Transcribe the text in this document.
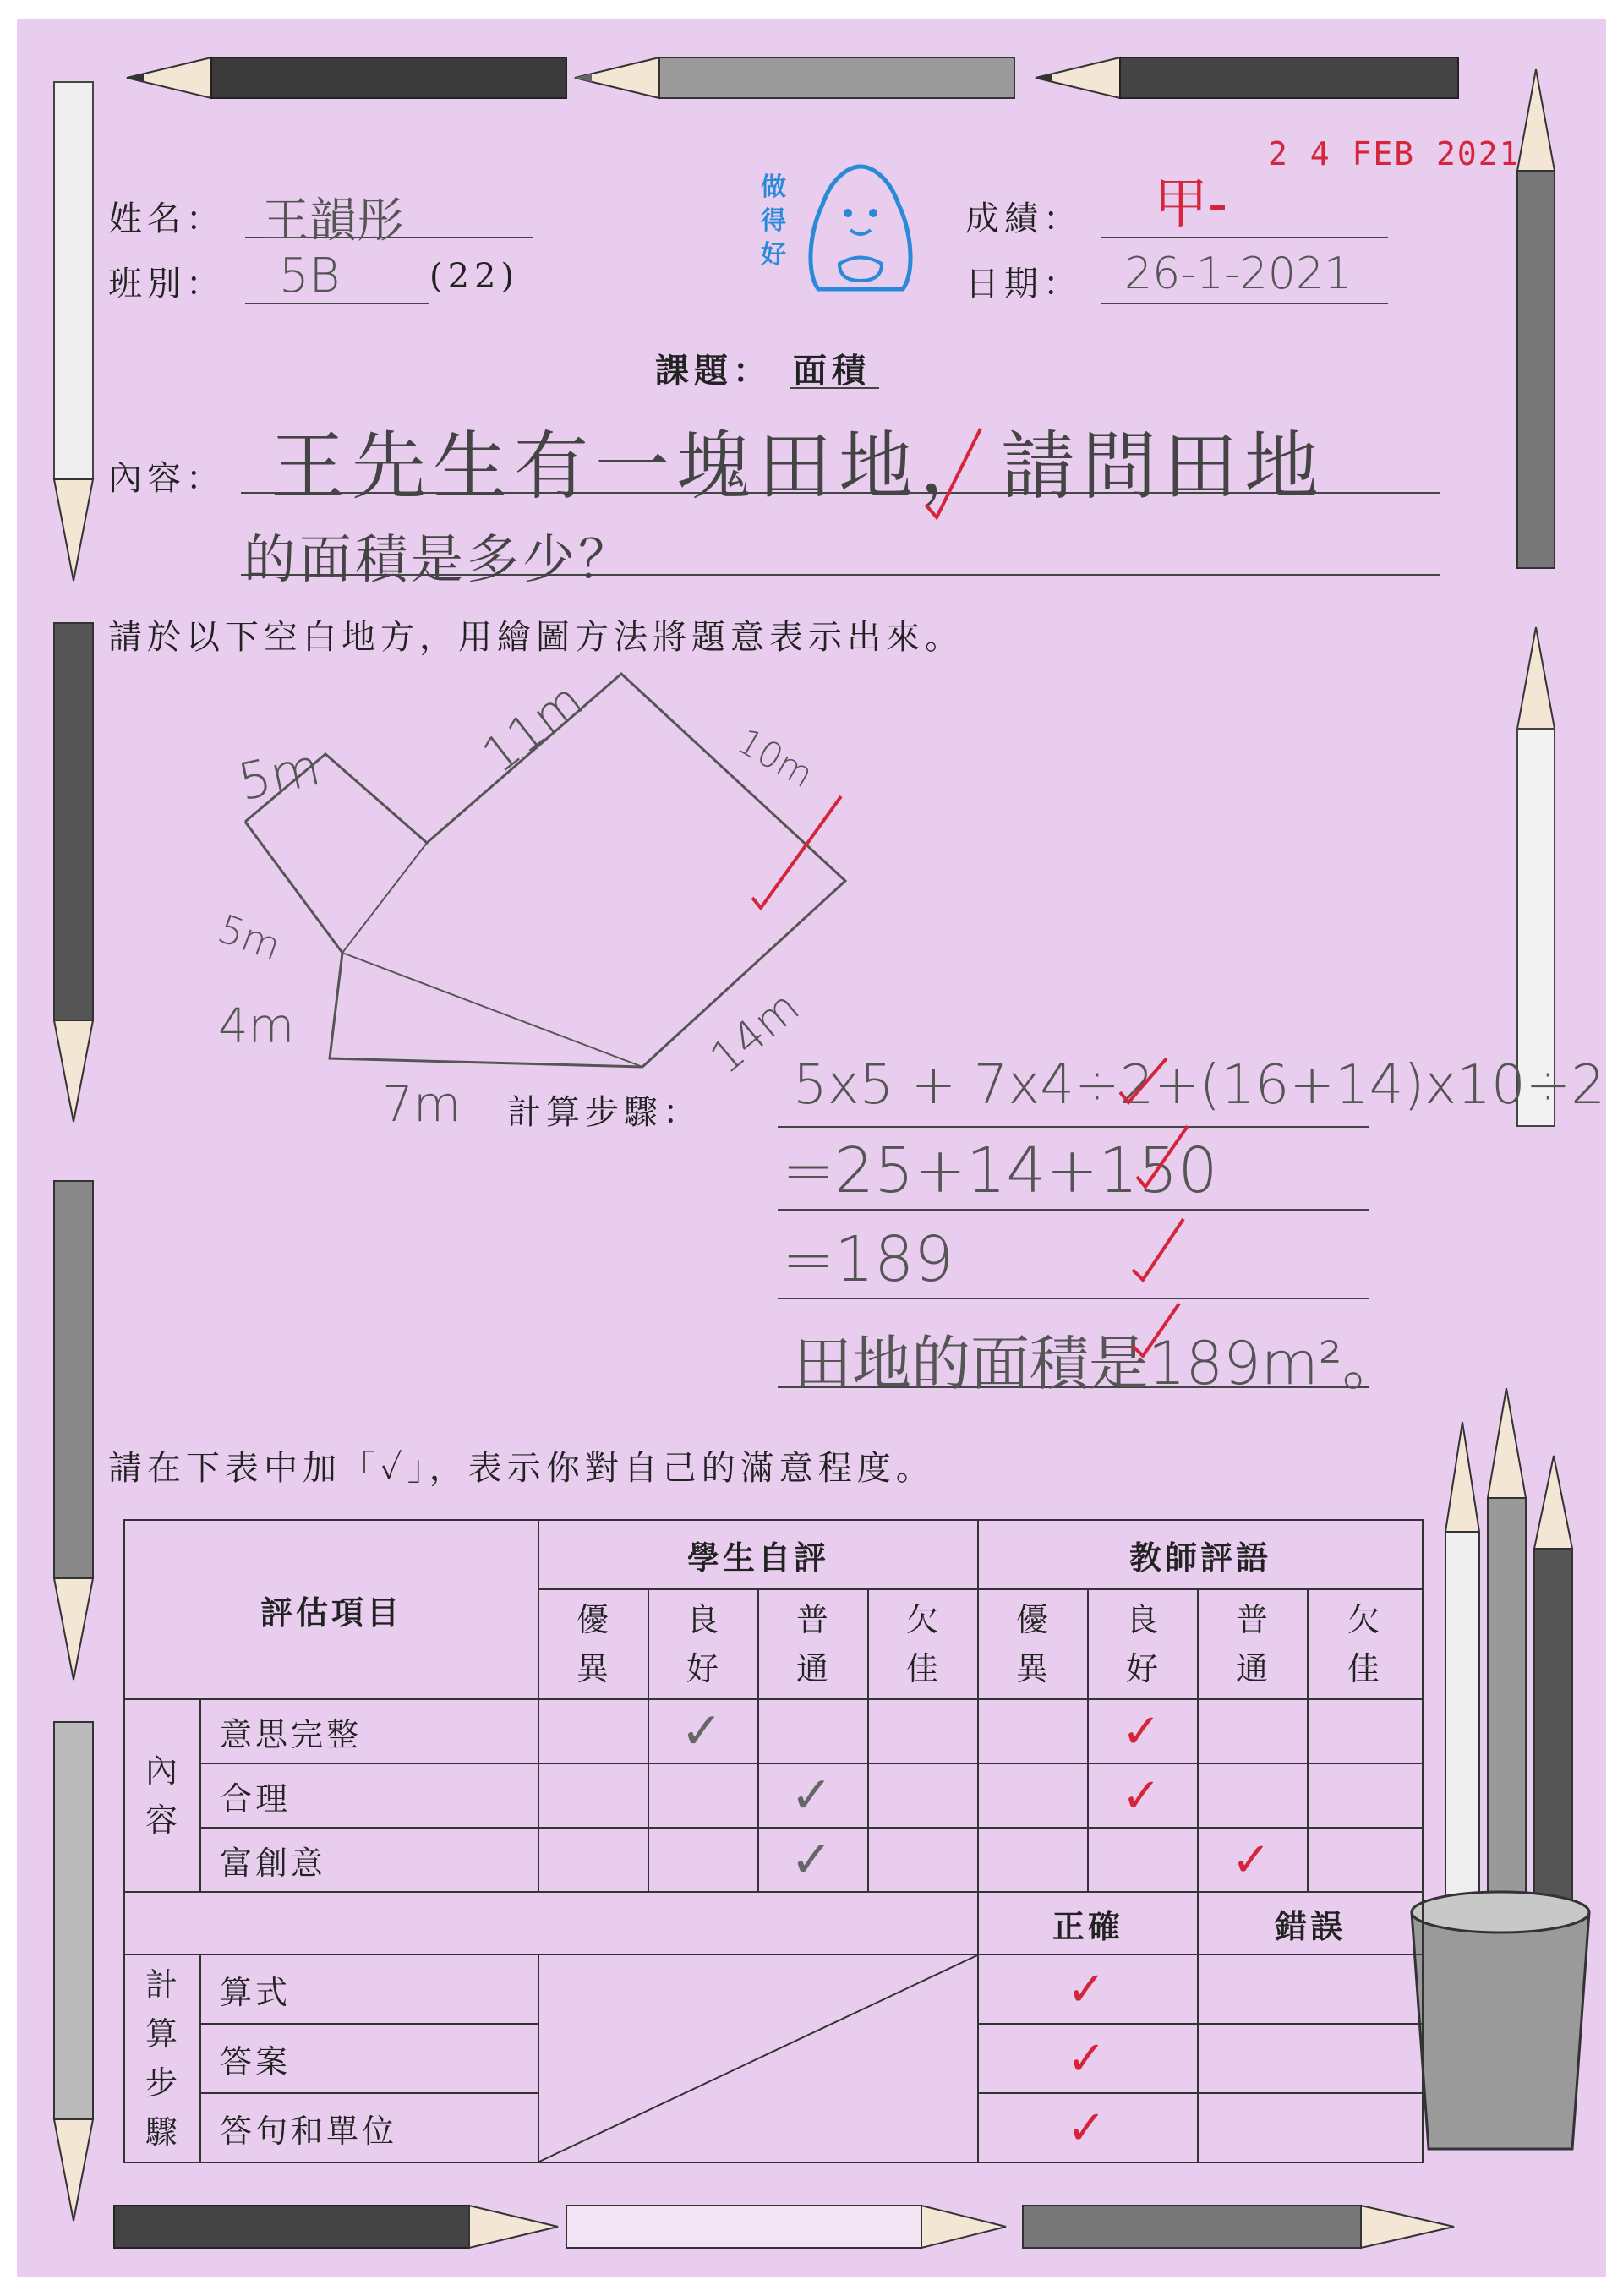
姓名： 王韻彤
班別： 5B	(22)
做得好
成績： 甲-
2 4 FEB 2021
日期： 26-1-2021
課題： 面積
內容： 王先生有一塊田地，請問田地
的面積是多少？
請於以下空白地方，用繪圖方法將題意表示出來。
5m	11m	10m
5m
4m	14m
7m 計算步驟： 5x5 + 7x4÷2+(16+14)x10÷2
=25+14+150
=189
田地的面積是189m²。
請在下表中加「✓」，表示你對自己的滿意程度。
評估項目		學生自評				教師評語			
		優異	良好	普通	欠佳	優異	良好	普通	欠佳
內容	意思完整		✓				✓		
	合理			✓			✓		
	富創意			✓				✓	
						正確		錯誤	
計算步驟	算式					✓			
	答案					✓			
	答句和單位					✓			
